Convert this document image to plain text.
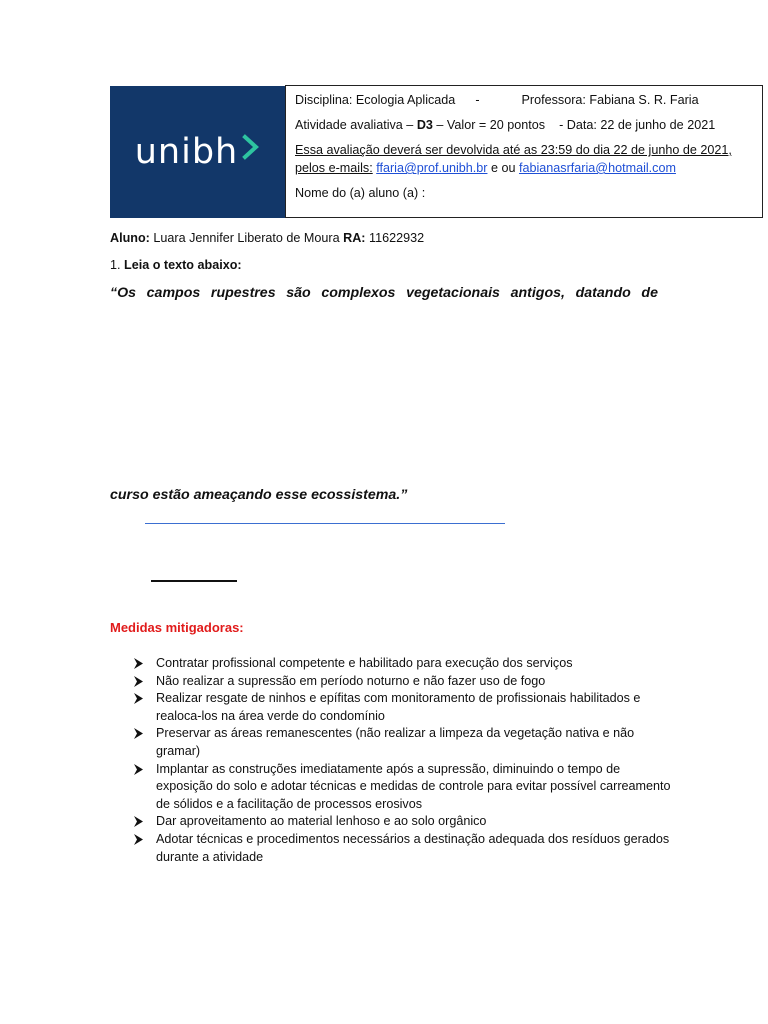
unibh
Disciplina: Ecologia Aplicada -	Professora: Fabiana S. R. Faria
Atividade avaliativa – D3 – Valor = 20 pontos - Data: 22 de junho de 2021
Essa avaliação deverá ser devolvida até as 23:59 do dia 22 de junho de 2021,
pelos e-mails: ffaria@prof.unibh.br e ou fabianasrfaria@hotmail.com
Nome do (a) aluno (a) :
Aluno: Luara Jennifer Liberato de Moura RA: 11622932
1. Leia o texto abaixo:
“Os campos rupestres são complexos vegetacionais antigos, datando de
curso estão ameaçando esse ecossistema.”
Medidas mitigadoras:
Contratar profissional competente e habilitado para execução dos serviços
Não realizar a supressão em período noturno e não fazer uso de fogo
Realizar resgate de ninhos e epífitas com monitoramento de profissionais habilitados e realoca-los na área verde do condomínio
Preservar as áreas remanescentes (não realizar a limpeza da vegetação nativa e não gramar)
Implantar as construções imediatamente após a supressão, diminuindo o tempo de exposição do solo e adotar técnicas e medidas de controle para evitar possível carreamento de sólidos e a facilitação de processos erosivos
Dar aproveitamento ao material lenhoso e ao solo orgânico
Adotar técnicas e procedimentos necessários a destinação adequada dos resíduos gerados durante a atividade
